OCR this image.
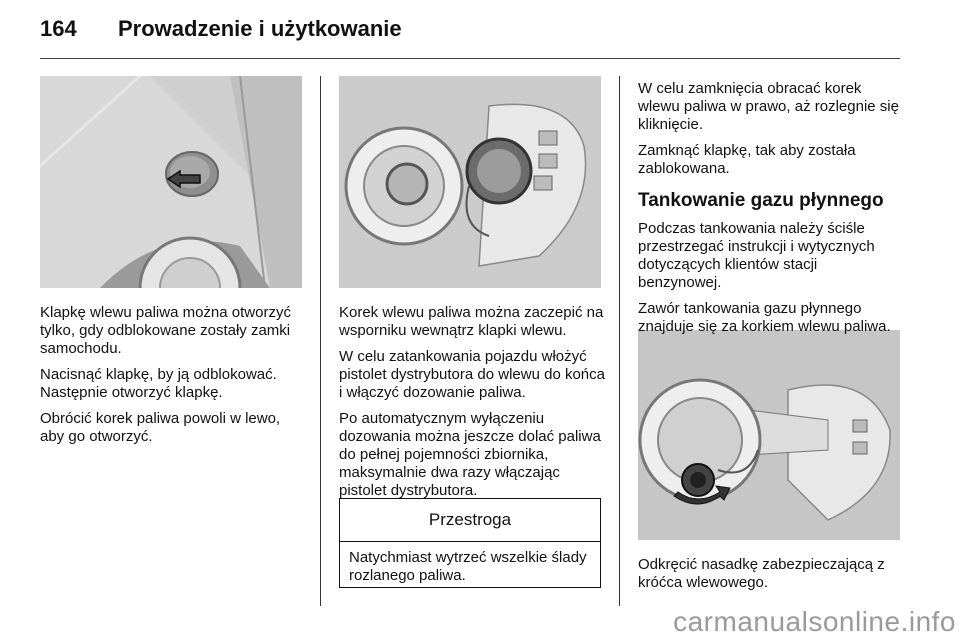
164 Prowadzenie i użytkowanie

Klapkę wlewu paliwa można otworzyć tylko, gdy odblokowane zostały zamki samochodu.

Nacisnąć klapkę, by ją odblokować. Następnie otworzyć klapkę.

Obrócić korek paliwa powoli w lewo, aby go otworzyć.

Korek wlewu paliwa można zaczepić na wsporniku wewnątrz klapki wlewu.

W celu zatankowania pojazdu włożyć pistolet dystrybutora do wlewu do końca i włączyć dozowanie paliwa.

Po automatycznym wyłączeniu dozowania można jeszcze dolać paliwa do pełnej pojemności zbiornika, maksymalnie dwa razy włączając pistolet dystrybutora.

Przestroga
Natychmiast wytrzeć wszelkie ślady rozlanego paliwa.

W celu zamknięcia obracać korek wlewu paliwa w prawo, aż rozlegnie się kliknięcie.

Zamknąć klapkę, tak aby została zablokowana.

Tankowanie gazu płynnego

Podczas tankowania należy ściśle przestrzegać instrukcji i wytycznych dotyczących klientów stacji benzynowej.

Zawór tankowania gazu płynnego znajduje się za korkiem wlewu paliwa.

Odkręcić nasadkę zabezpieczającą z króćca wlewowego.

carmanualsonline.info
